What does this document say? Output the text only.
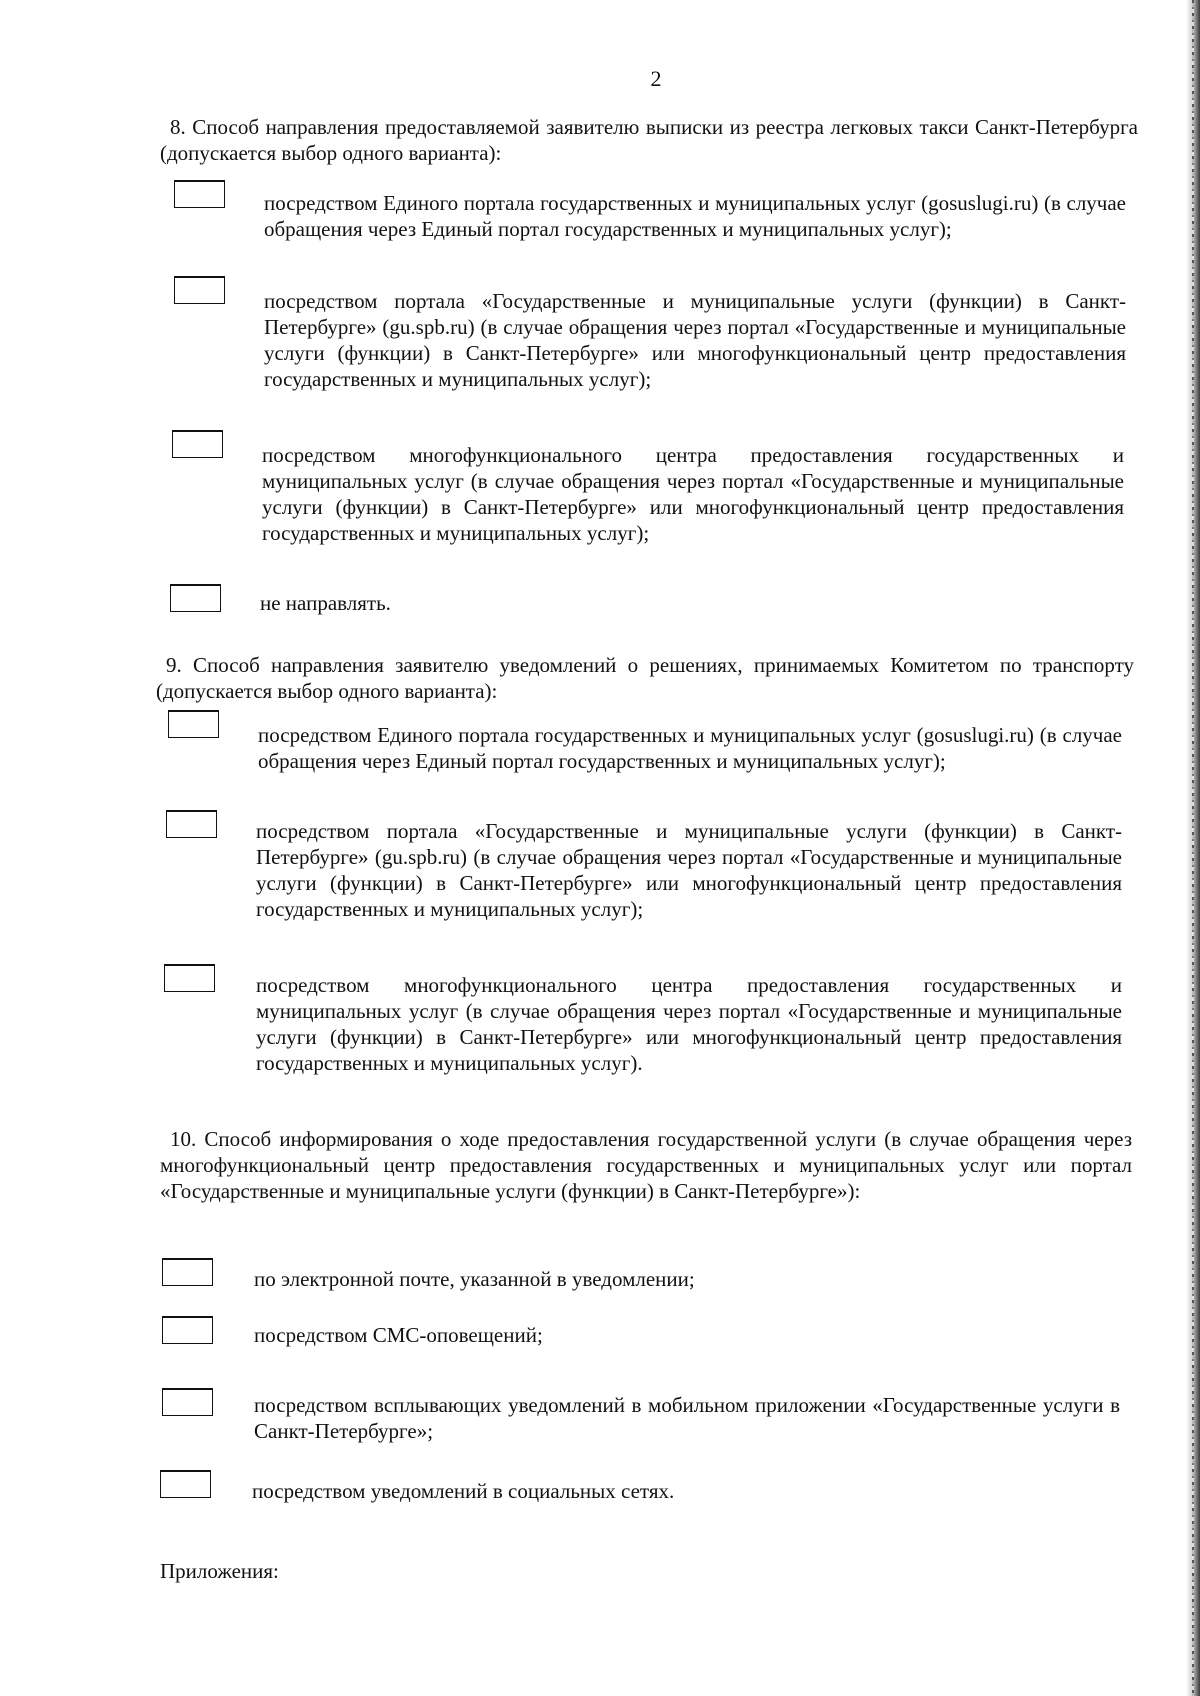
2
8. Способ направления предоставляемой заявителю выписки из реестра легковых такси Санкт-Петербурга (допускается выбор одного варианта):
посредством Единого портала государственных и муниципальных услуг (gosuslugi.ru) (в случае обращения через Единый портал государственных и муниципальных услуг);
посредством портала «Государственные и муниципальные услуги (функции) в Санкт-Петербурге» (gu.spb.ru) (в случае обращения через портал «Государственные и муниципальные услуги (функции) в Санкт-Петербурге» или многофункциональный центр предоставления государственных и муниципальных услуг);
посредством многофункционального центра предоставления государственных и муниципальных услуг (в случае обращения через портал «Государственные и муниципальные услуги (функции) в Санкт-Петербурге» или многофункциональный центр предоставления государственных и муниципальных услуг);
не направлять.
9. Способ направления заявителю уведомлений о решениях, принимаемых Комитетом по транспорту (допускается выбор одного варианта):
посредством Единого портала государственных и муниципальных услуг (gosuslugi.ru) (в случае обращения через Единый портал государственных и муниципальных услуг);
посредством портала «Государственные и муниципальные услуги (функции) в Санкт-Петербурге» (gu.spb.ru) (в случае обращения через портал «Государственные и муниципальные услуги (функции) в Санкт-Петербурге» или многофункциональный центр предоставления государственных и муниципальных услуг);
посредством многофункционального центра предоставления государственных и муниципальных услуг (в случае обращения через портал «Государственные и муниципальные услуги (функции) в Санкт-Петербурге» или многофункциональный центр предоставления государственных и муниципальных услуг).
10. Способ информирования о ходе предоставления государственной услуги (в случае обращения через многофункциональный центр предоставления государственных и муниципальных услуг или портал «Государственные и муниципальные услуги (функции) в Санкт-Петербурге»):
по электронной почте, указанной в уведомлении;
посредством СМС-оповещений;
посредством всплывающих уведомлений в мобильном приложении «Государственные услуги в Санкт-Петербурге»;
посредством уведомлений в социальных сетях.
Приложения:
